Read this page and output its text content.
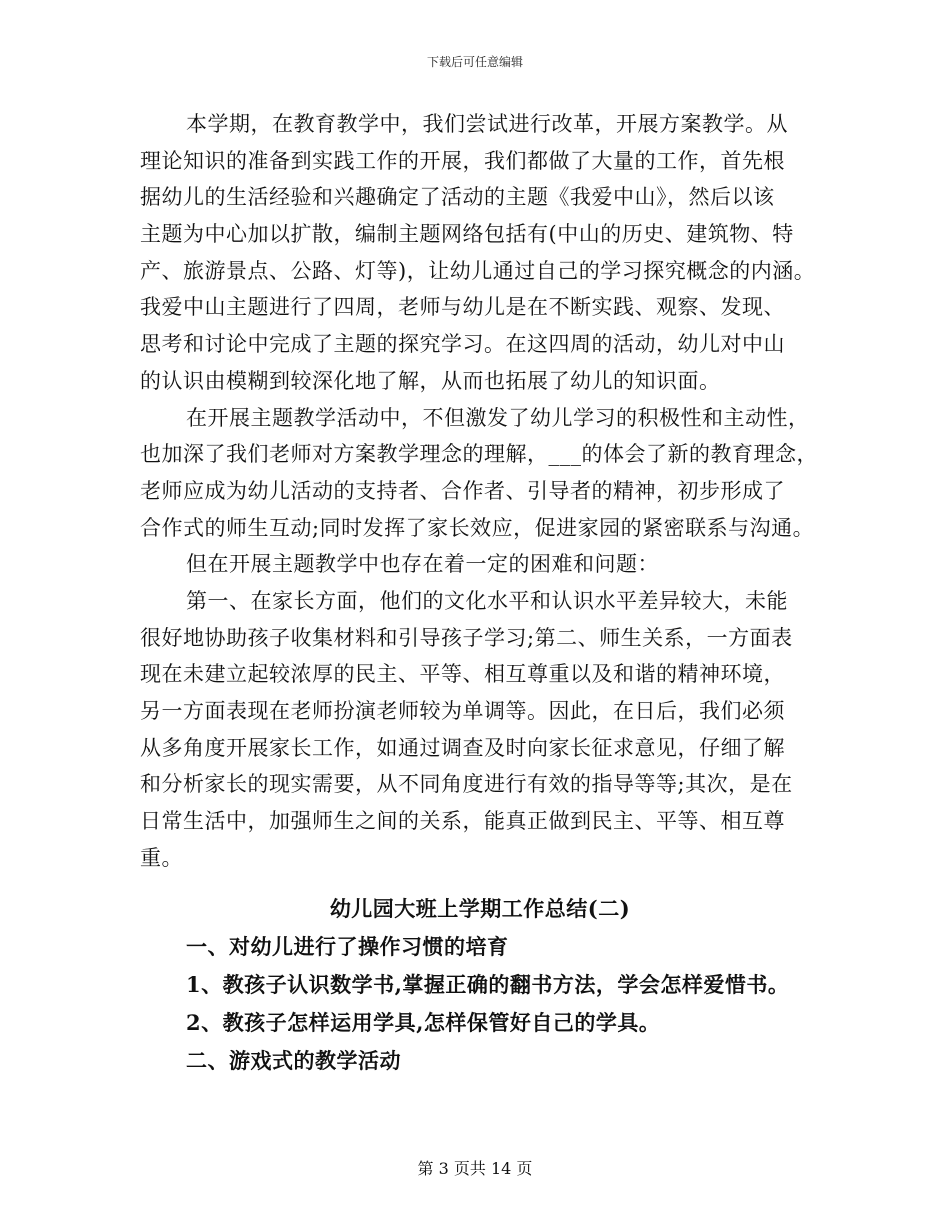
下载后可任意编辑
本学期，在教育教学中，我们尝试进行改革，开展方案教学。从
理论知识的准备到实践工作的开展，我们都做了大量的工作，首先根
据幼儿的生活经验和兴趣确定了活动的主题《我爱中山》，然后以该
主题为中心加以扩散，编制主题网络包括有(中山的历史、建筑物、特
产、旅游景点、公路、灯等)，让幼儿通过自己的学习探究概念的内涵。
我爱中山主题进行了四周，老师与幼儿是在不断实践、观察、发现、
思考和讨论中完成了主题的探究学习。在这四周的活动，幼儿对中山
的认识由模糊到较深化地了解，从而也拓展了幼儿的知识面。
在开展主题教学活动中，不但激发了幼儿学习的积极性和主动性，
也加深了我们老师对方案教学理念的理解，___的体会了新的教育理念，
老师应成为幼儿活动的支持者、合作者、引导者的精神，初步形成了
合作式的师生互动;同时发挥了家长效应，促进家园的紧密联系与沟通。
但在开展主题教学中也存在着一定的困难和问题：
第一、在家长方面，他们的文化水平和认识水平差异较大，未能
很好地协助孩子收集材料和引导孩子学习;第二、师生关系，一方面表
现在未建立起较浓厚的民主、平等、相互尊重以及和谐的精神环境，
另一方面表现在老师扮演老师较为单调等。因此，在日后，我们必须
从多角度开展家长工作，如通过调查及时向家长征求意见，仔细了解
和分析家长的现实需要，从不同角度进行有效的指导等等;其次，是在
日常生活中，加强师生之间的关系，能真正做到民主、平等、相互尊
重。
幼儿园大班上学期工作总结(二)
一、对幼儿进行了操作习惯的培育
1、教孩子认识数学书,掌握正确的翻书方法，学会怎样爱惜书。
2、教孩子怎样运用学具,怎样保管好自己的学具。
二、游戏式的教学活动
第 3 页共 14 页
